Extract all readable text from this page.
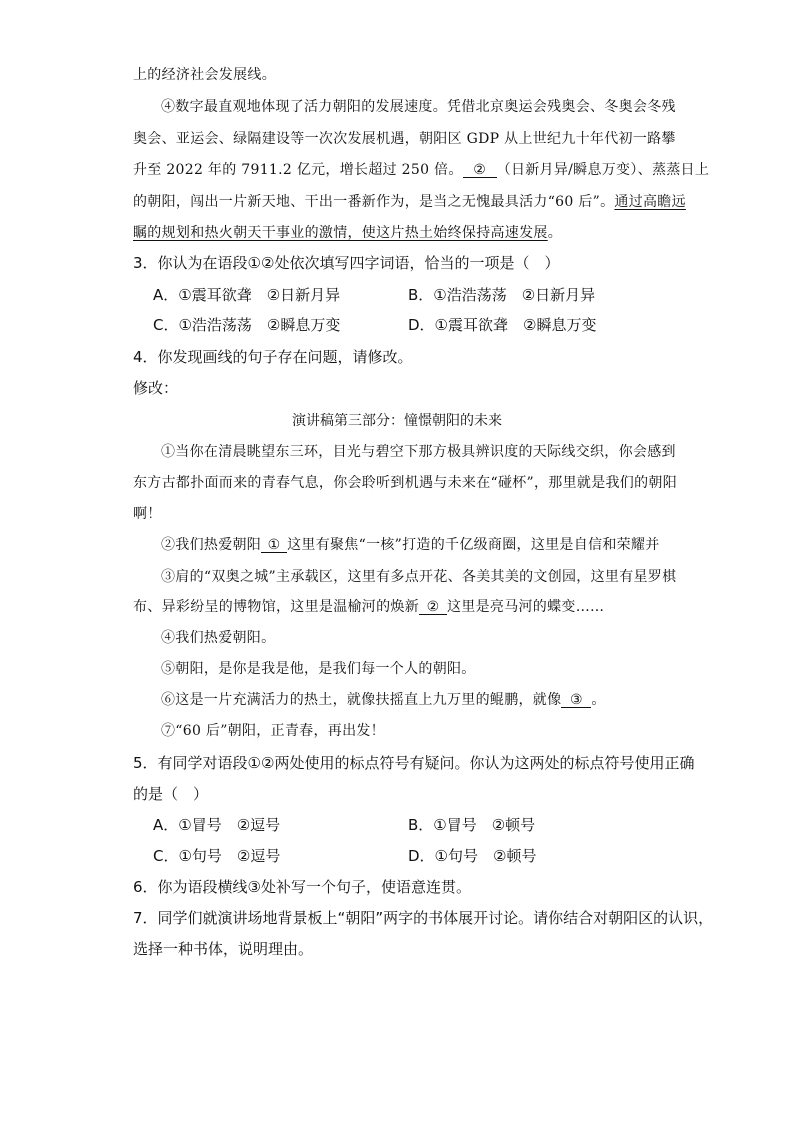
上的经济社会发展线。
④数字最直观地体现了活力朝阳的发展速度。凭借北京奥运会残奥会、冬奥会冬残
奥会、亚运会、绿隔建设等一次次发展机遇，朝阳区 GDP 从上世纪九十年代初一路攀
升至 2022 年的 7911.2 亿元，增长超过 250 倍。 ② （日新月异/瞬息万变）、蒸蒸日上
的朝阳，闯出一片新天地、干出一番新作为，是当之无愧最具活力“60 后”。通过高瞻远
瞩的规划和热火朝天干事业的激情，使这片热土始终保持高速发展。
3．你认为在语段①②处依次填写四字词语，恰当的一项是（　）
A．①震耳欲聋　②日新月异	B．①浩浩荡荡　②日新月异
C．①浩浩荡荡　②瞬息万变	D．①震耳欲聋　②瞬息万变
4．你发现画线的句子存在问题，请修改。
修改：
演讲稿第三部分：憧憬朝阳的未来
①当你在清晨眺望东三环，目光与碧空下那方极具辨识度的天际线交织，你会感到
东方古都扑面而来的青春气息，你会聆听到机遇与未来在“碰杯”，那里就是我们的朝阳
啊！
②我们热爱朝阳 ① 这里有聚焦“一核”打造的千亿级商圈，这里是自信和荣耀并
③肩的“双奥之城”主承载区，这里有多点开花、各美其美的文创园，这里有星罗棋
布、异彩纷呈的博物馆，这里是温榆河的焕新 ② 这里是亮马河的蝶变……
④我们热爱朝阳。
⑤朝阳，是你是我是他，是我们每一个人的朝阳。
⑥这是一片充满活力的热土，就像扶摇直上九万里的鲲鹏，就像 ③ 。
⑦“60 后”朝阳，正青春，再出发！
5．有同学对语段①②两处使用的标点符号有疑问。你认为这两处的标点符号使用正确
的是（　）
A．①冒号　②逗号	B．①冒号　②顿号
C．①句号　②逗号	D．①句号　②顿号
6．你为语段横线③处补写一个句子，使语意连贯。
7．同学们就演讲场地背景板上“朝阳”两字的书体展开讨论。请你结合对朝阳区的认识，
选择一种书体，说明理由。
